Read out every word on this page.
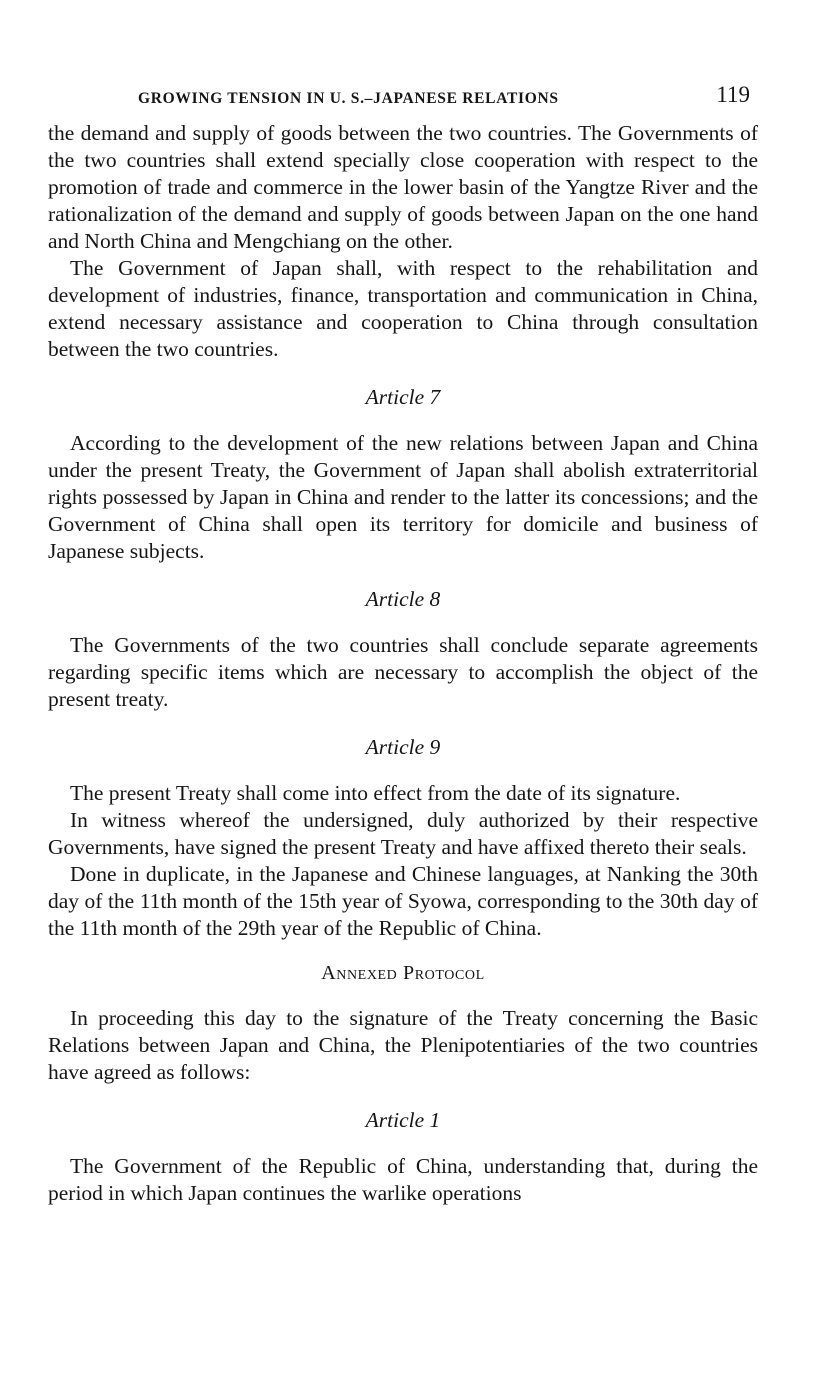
GROWING TENSION IN U. S.–JAPANESE RELATIONS	119

the demand and supply of goods between the two countries. The Governments of the two countries shall extend specially close cooperation with respect to the promotion of trade and commerce in the lower basin of the Yangtze River and the rationalization of the demand and supply of goods between Japan on the one hand and North China and Mengchiang on the other.

The Government of Japan shall, with respect to the rehabilitation and development of industries, finance, transportation and communication in China, extend necessary assistance and cooperation to China through consultation between the two countries.

Article 7

According to the development of the new relations between Japan and China under the present Treaty, the Government of Japan shall abolish extraterritorial rights possessed by Japan in China and render to the latter its concessions; and the Government of China shall open its territory for domicile and business of Japanese subjects.

Article 8

The Governments of the two countries shall conclude separate agreements regarding specific items which are necessary to accomplish the object of the present treaty.

Article 9

The present Treaty shall come into effect from the date of its signature.

In witness whereof the undersigned, duly authorized by their respective Governments, have signed the present Treaty and have affixed thereto their seals.

Done in duplicate, in the Japanese and Chinese languages, at Nanking the 30th day of the 11th month of the 15th year of Syowa, corresponding to the 30th day of the 11th month of the 29th year of the Republic of China.

Annexed Protocol

In proceeding this day to the signature of the Treaty concerning the Basic Relations between Japan and China, the Plenipotentiaries of the two countries have agreed as follows:

Article 1

The Government of the Republic of China, understanding that, during the period in which Japan continues the warlike operations
